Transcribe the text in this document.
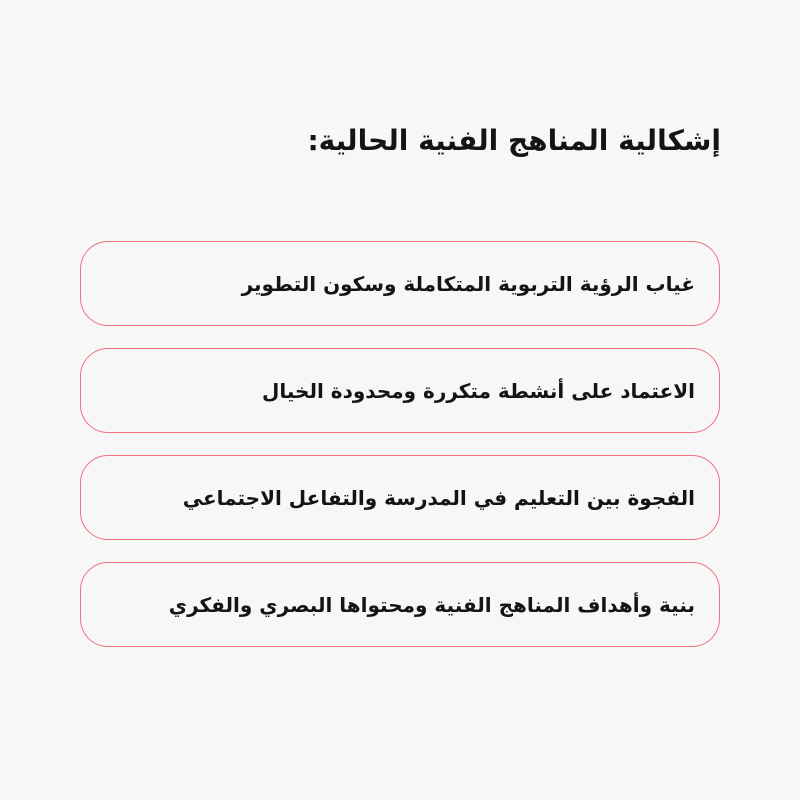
إشكالية المناهج الفنية الحالية:
غياب الرؤية التربوية المتكاملة وسكون التطوير
الاعتماد على أنشطة متكررة ومحدودة الخيال
الفجوة بين التعليم في المدرسة والتفاعل الاجتماعي
بنية وأهداف المناهج الفنية ومحتواها البصري والفكري
